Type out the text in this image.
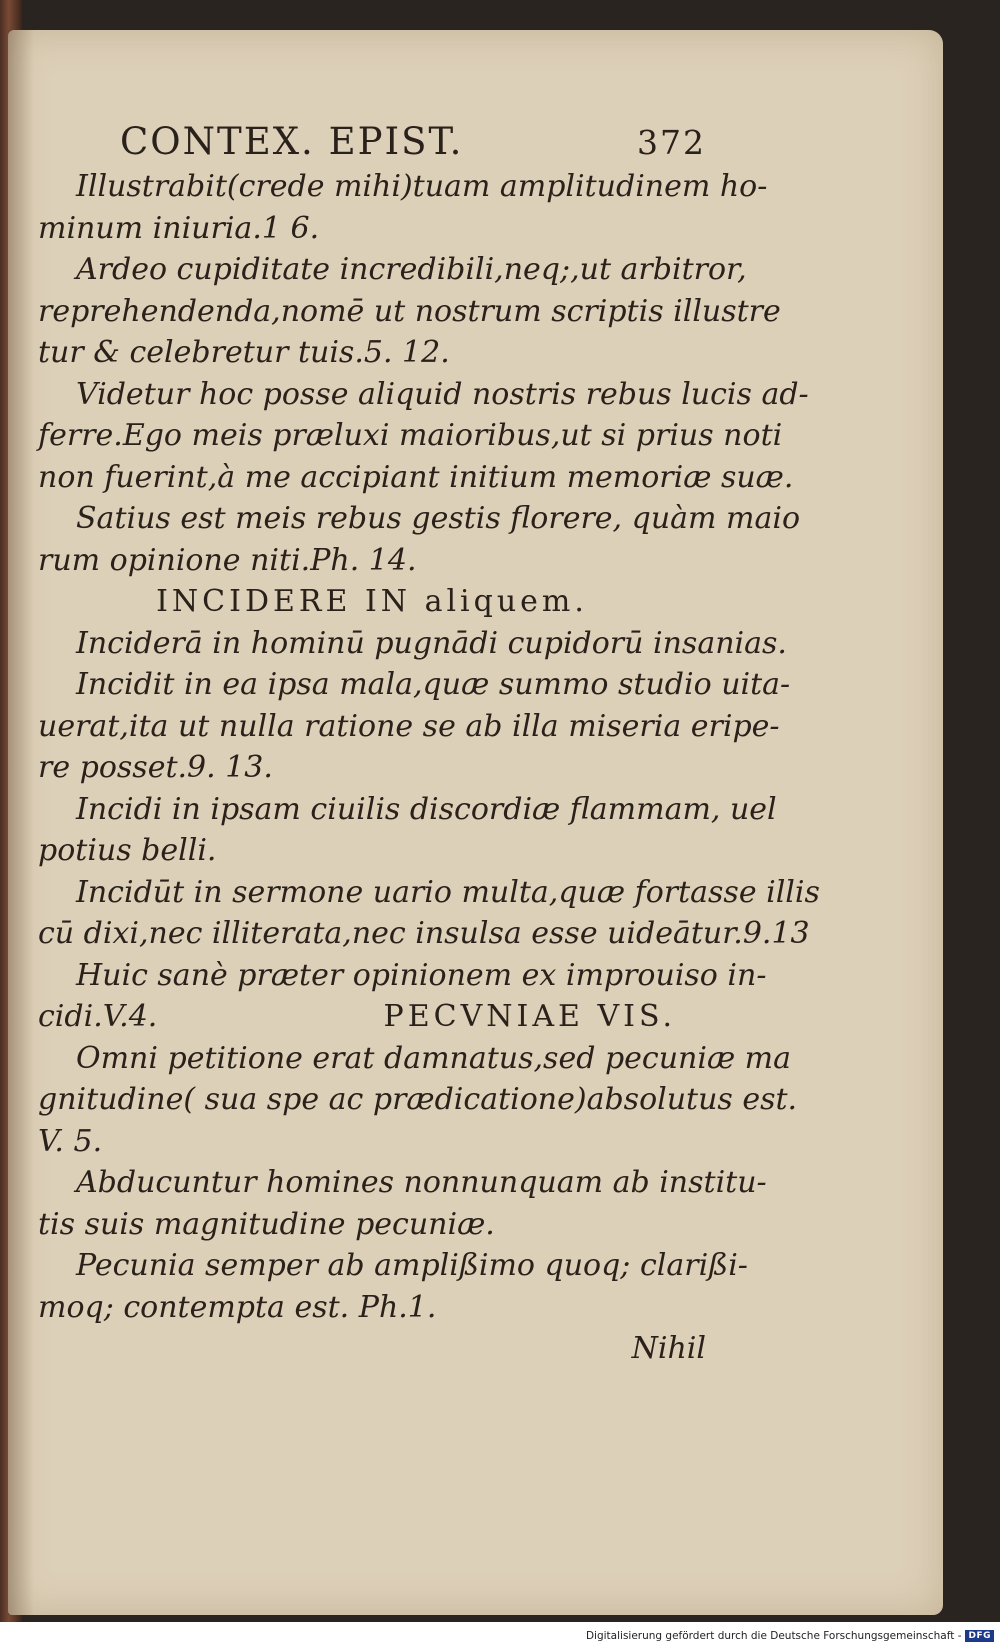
CONTEX. EPIST.	372
Illustrabit(crede mihi)tuam amplitudinem ho-
minum iniuria.1 6.
Ardeo cupiditate incredibili,neq;,ut arbitror,
reprehendenda,nomē ut nostrum scriptis illustre
tur & celebretur tuis.5. 12.
Videtur hoc posse aliquid nostris rebus lucis ad-
ferre.Ego meis præluxi maioribus,ut si prius noti
non fuerint,à me accipiant initium memoriæ suæ.
Satius est meis rebus gestis florere, quàm maio
rum opinione niti.Ph. 14.
INCIDERE IN aliquem.
Inciderā in hominū pugnādi cupidorū insanias.
Incidit in ea ipsa mala,quæ summo studio uita-
uerat,ita ut nulla ratione se ab illa miseria eripe-
re posset.9. 13.
Incidi in ipsam ciuilis discordiæ flammam, uel
potius belli.
Incidūt in sermone uario multa,quæ fortasse illis
cū dixi,nec illiterata,nec insulsa esse uideātur.9.13
Huic sanè præter opinionem ex improuiso in-
cidi.V.4.	PECVNIAE VIS.
Omni petitione erat damnatus,sed pecuniæ ma
gnitudine( sua spe ac prædicatione)absolutus est.
V. 5.
Abducuntur homines nonnunquam ab institu-
tis suis magnitudine pecuniæ.
Pecunia semper ab amplißimo quoq; clarißi-
moq; contempta est. Ph.1.
Nihil
Digitalisierung gefördert durch die Deutsche Forschungsgemeinschaft - DFG
